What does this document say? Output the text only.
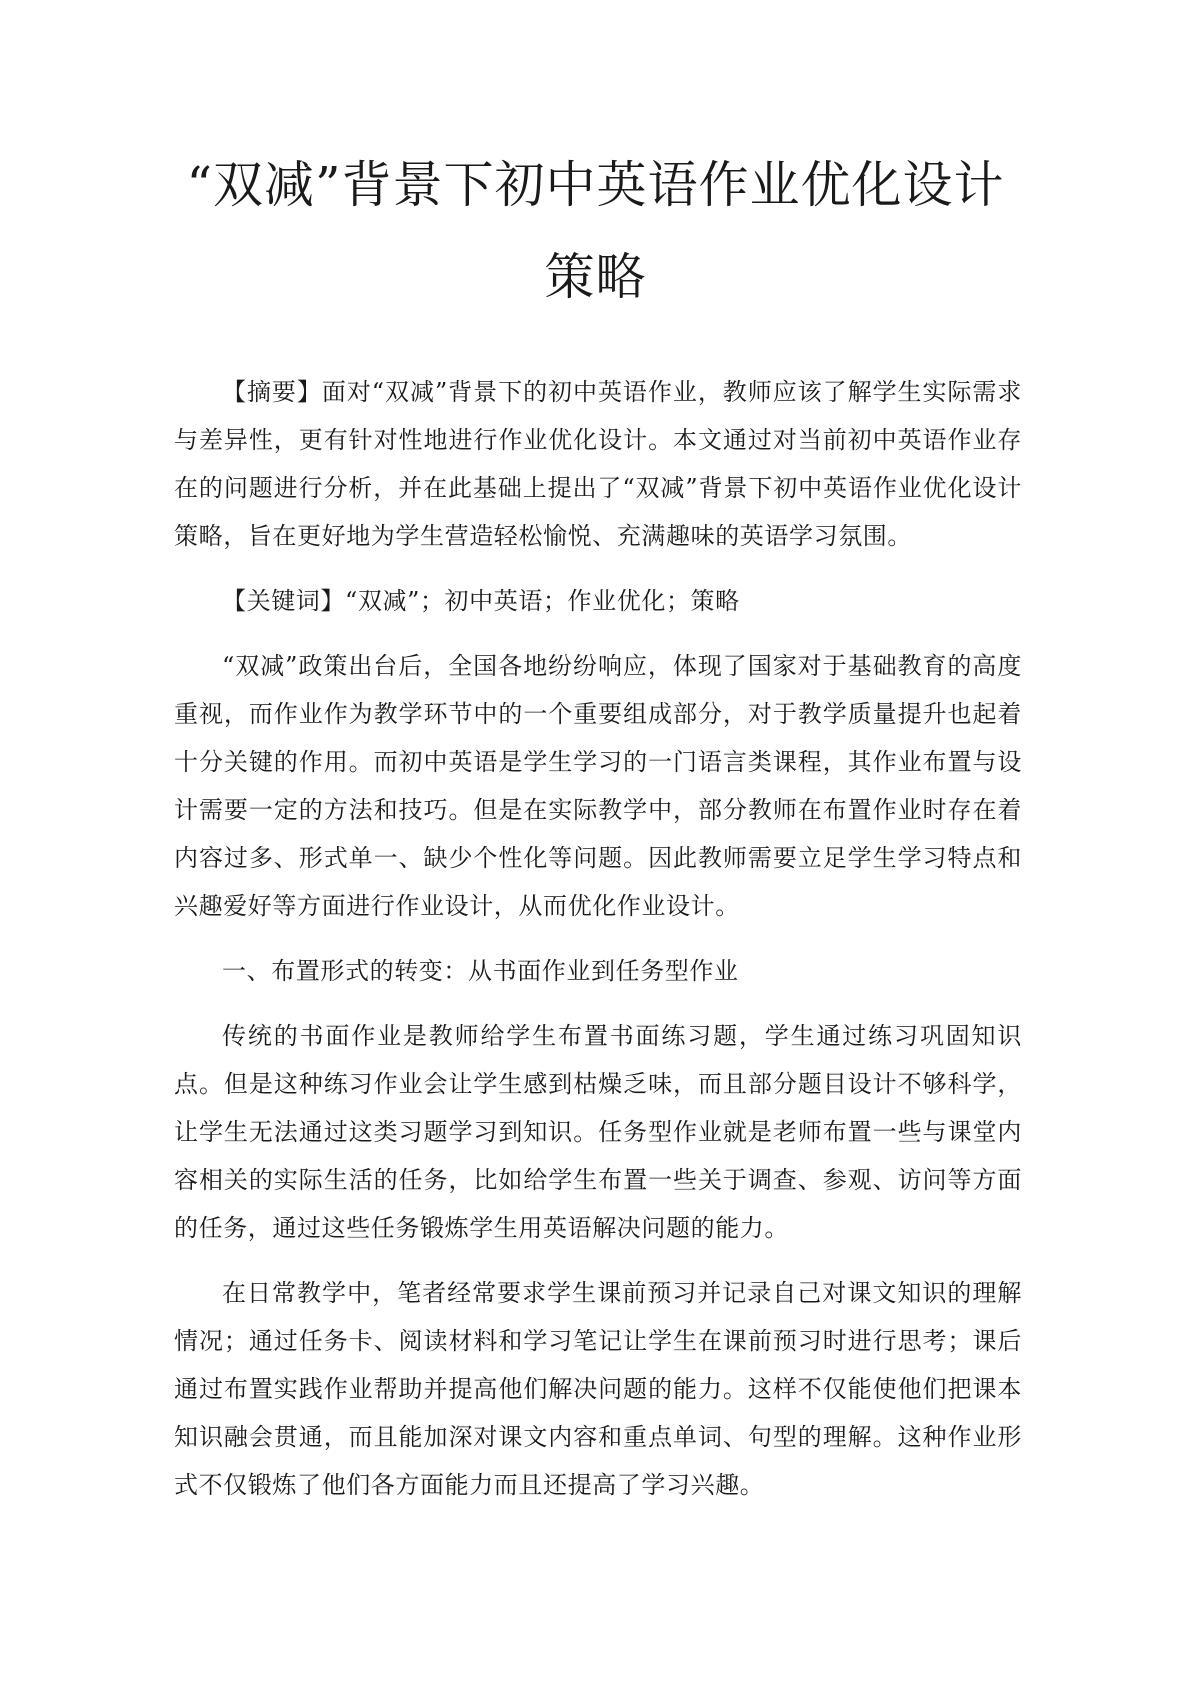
“双减”背景下初中英语作业优化设计
策略

【摘要】面对“双减”背景下的初中英语作业，教师应该了解学生实际需求与差异性，更有针对性地进行作业优化设计。本文通过对当前初中英语作业存在的问题进行分析，并在此基础上提出了“双减”背景下初中英语作业优化设计策略，旨在更好地为学生营造轻松愉悦、充满趣味的英语学习氛围。

【关键词】“双减”；初中英语；作业优化；策略

“双减”政策出台后，全国各地纷纷响应，体现了国家对于基础教育的高度重视，而作业作为教学环节中的一个重要组成部分，对于教学质量提升也起着十分关键的作用。而初中英语是学生学习的一门语言类课程，其作业布置与设计需要一定的方法和技巧。但是在实际教学中，部分教师在布置作业时存在着内容过多、形式单一、缺少个性化等问题。因此教师需要立足学生学习特点和兴趣爱好等方面进行作业设计，从而优化作业设计。

一、布置形式的转变：从书面作业到任务型作业

传统的书面作业是教师给学生布置书面练习题，学生通过练习巩固知识点。但是这种练习作业会让学生感到枯燥乏味，而且部分题目设计不够科学，让学生无法通过这类习题学习到知识。任务型作业就是老师布置一些与课堂内容相关的实际生活的任务，比如给学生布置一些关于调查、参观、访问等方面的任务，通过这些任务锻炼学生用英语解决问题的能力。

在日常教学中，笔者经常要求学生课前预习并记录自己对课文知识的理解情况；通过任务卡、阅读材料和学习笔记让学生在课前预习时进行思考；课后通过布置实践作业帮助并提高他们解决问题的能力。这样不仅能使他们把课本知识融会贯通，而且能加深对课文内容和重点单词、句型的理解。这种作业形式不仅锻炼了他们各方面能力而且还提高了学习兴趣。
